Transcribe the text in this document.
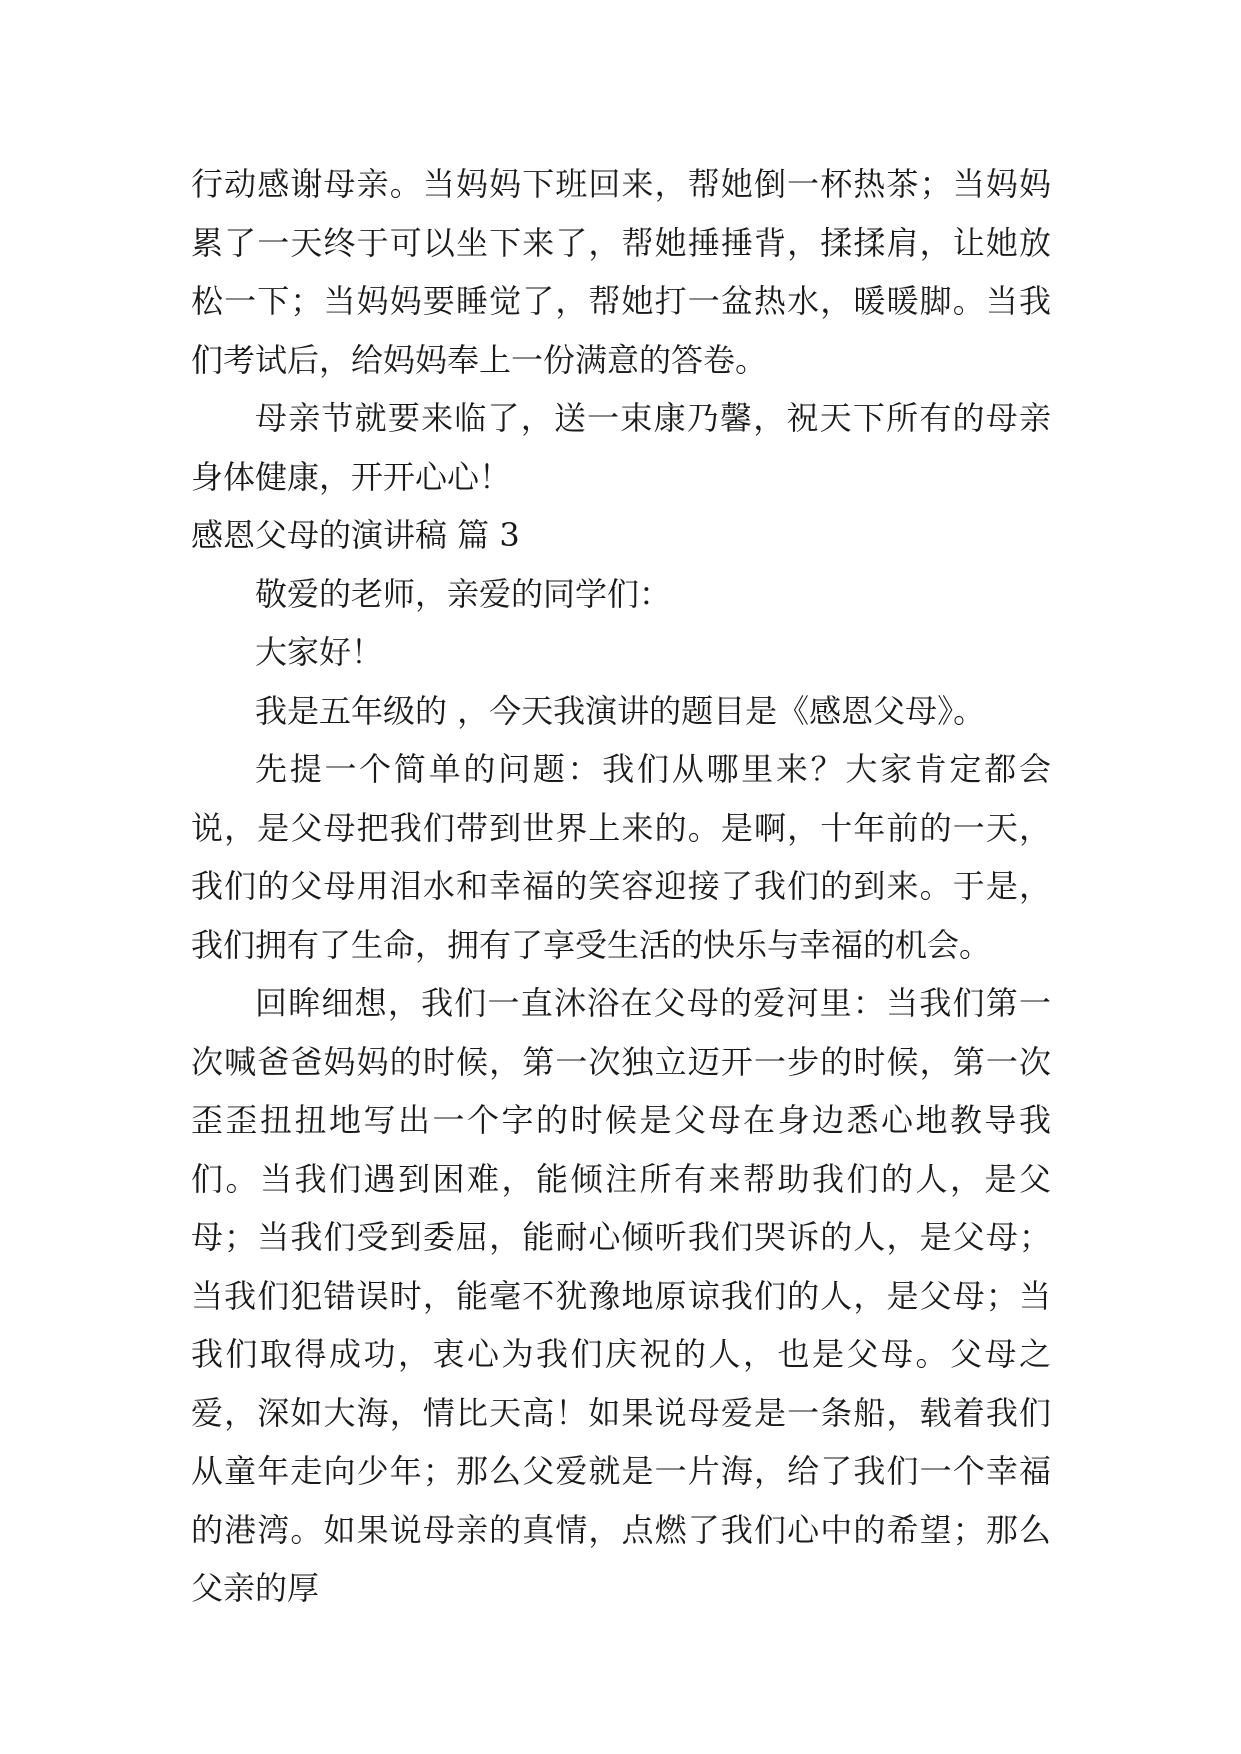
行动感谢母亲。当妈妈下班回来，帮她倒一杯热茶；当妈妈累了一天终于可以坐下来了，帮她捶捶背，揉揉肩，让她放松一下；当妈妈要睡觉了，帮她打一盆热水，暖暖脚。当我们考试后，给妈妈奉上一份满意的答卷。

母亲节就要来临了，送一束康乃馨，祝天下所有的母亲身体健康，开开心心！

感恩父母的演讲稿 篇 3

敬爱的老师，亲爱的同学们：

大家好！

我是五年级的 ，今天我演讲的题目是《感恩父母》。

先提一个简单的问题：我们从哪里来？大家肯定都会说，是父母把我们带到世界上来的。是啊，十年前的一天，我们的父母用泪水和幸福的笑容迎接了我们的到来。于是，我们拥有了生命，拥有了享受生活的快乐与幸福的机会。

回眸细想，我们一直沐浴在父母的爱河里：当我们第一次喊爸爸妈妈的时候，第一次独立迈开一步的时候，第一次歪歪扭扭地写出一个字的时候是父母在身边悉心地教导我们。当我们遇到困难，能倾注所有来帮助我们的人，是父母；当我们受到委屈，能耐心倾听我们哭诉的人，是父母；当我们犯错误时，能毫不犹豫地原谅我们的人，是父母；当我们取得成功，衷心为我们庆祝的人，也是父母。父母之爱，深如大海，情比天高！如果说母爱是一条船，载着我们从童年走向少年；那么父爱就是一片海，给了我们一个幸福的港湾。如果说母亲的真情，点燃了我们心中的希望；那么父亲的厚
